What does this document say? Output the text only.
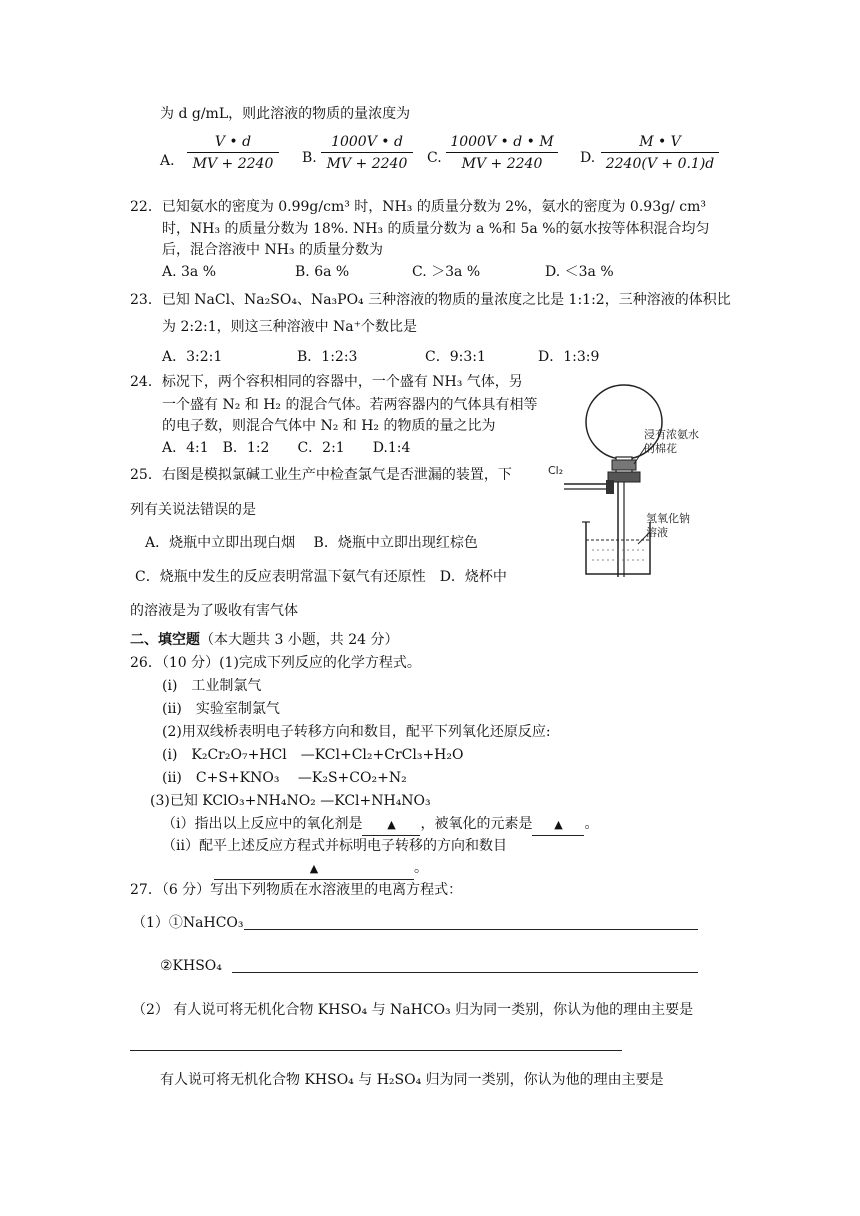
为 d g/mL，则此溶液的物质的量浓度为
A． $\frac{V • d}{MV + 2240} B$. $\frac{1000V • d}{MV + 2240} C$. $\frac{1000V • d • M}{MV + 2240} D$. $\frac{M • V}{2240(V + 0.1)d}$
22．已知氨水的密度为 0.99g/cm³ 时，NH₃ 的质量分数为 2%，氨水的密度为 0.93g/ cm³
时，NH₃ 的质量分数为 18%. NH₃ 的质量分数为 a %和 5a %的氨水按等体积混合均匀
后，混合溶液中 NH₃ 的质量分数为
A. 3a %	B. 6a %	C. ＞3a %	D. ＜3a %
23．已知 NaCl、Na₂SO₄、Na₃PO₄ 三种溶液的物质的量浓度之比是 1:1:2，三种溶液的体积比
为 2:2:1，则这三种溶液中 Na⁺个数比是
A．3:2:1	B．1:2:3	C．9:3:1	D．1:3:9
24．标况下，两个容积相同的容器中，一个盛有 NH₃ 气体，另
一个盛有 N₂ 和 H₂ 的混合气体。若两容器内的气体具有相等
的电子数，则混合气体中 N₂ 和 H₂ 的物质的量之比为
A．4:1　B．1:2　　C．2:1　　D.1:4
25．右图是模拟氯碱工业生产中检查氯气是否泄漏的装置，下
列有关说法错误的是
A．烧瓶中立即出现白烟　 B．烧瓶中立即出现红棕色
C．烧瓶中发生的反应表明常温下氨气有还原性　D．烧杯中
的溶液是为了吸收有害气体
浸有浓氨水
的棉花
Cl₂
氢氧化钠
溶液
二、填空题（本大题共 3 小题，共 24 分）
26．（10 分）(1)完成下列反应的化学方程式。
(i)　工业制氯气
(ii)　实验室制氯气
(2)用双线桥表明电子转移方向和数目，配平下列氧化还原反应:
(i)　K₂Cr₂O₇+HCl　—KCl+Cl₂+CrCl₃+H₂O
(ii)　C+S+KNO₃　 —K₂S+CO₂+N₂
(3)已知 KClO₃+NH₄NO₂ —KCl+NH₄NO₃
（i）指出以上反应中的氧化剂是 ▲ ，被氧化的元素是 ▲ 。
（ii）配平上述反应方程式并标明电子转移的方向和数目
▲	。
27．（6 分）写出下列物质在水溶液里的电离方程式：
（1）①NaHCO₃
②KHSO₄
（2） 有人说可将无机化合物 KHSO₄ 与 NaHCO₃ 归为同一类别，你认为他的理由主要是
有人说可将无机化合物 KHSO₄ 与 H₂SO₄ 归为同一类别，你认为他的理由主要是
